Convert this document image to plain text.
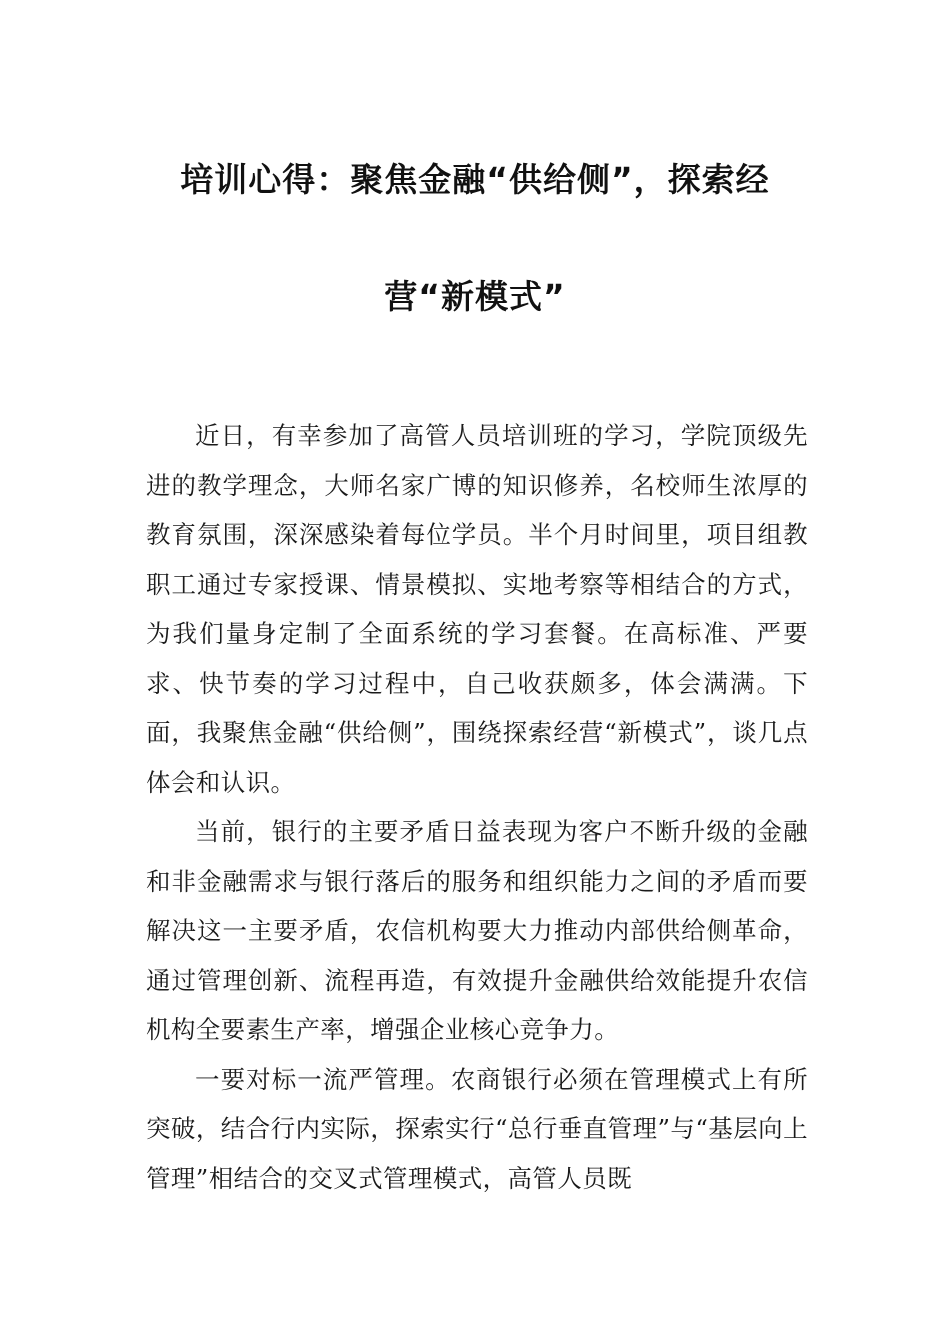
培训心得：聚焦金融“供给侧”，探索经
营“新模式”

近日，有幸参加了高管人员培训班的学习，学院顶级先进的教学理念，大师名家广博的知识修养，名校师生浓厚的教育氛围，深深感染着每位学员。半个月时间里，项目组教职工通过专家授课、情景模拟、实地考察等相结合的方式，为我们量身定制了全面系统的学习套餐。在高标准、严要求、快节奏的学习过程中，自己收获颇多，体会满满。下面，我聚焦金融“供给侧”，围绕探索经营“新模式”，谈几点体会和认识。

当前，银行的主要矛盾日益表现为客户不断升级的金融和非金融需求与银行落后的服务和组织能力之间的矛盾而要解决这一主要矛盾，农信机构要大力推动内部供给侧革命，通过管理创新、流程再造，有效提升金融供给效能提升农信机构全要素生产率，增强企业核心竞争力。

一要对标一流严管理。农商银行必须在管理模式上有所突破，结合行内实际，探索实行“总行垂直管理”与“基层向上管理”相结合的交叉式管理模式，高管人员既
